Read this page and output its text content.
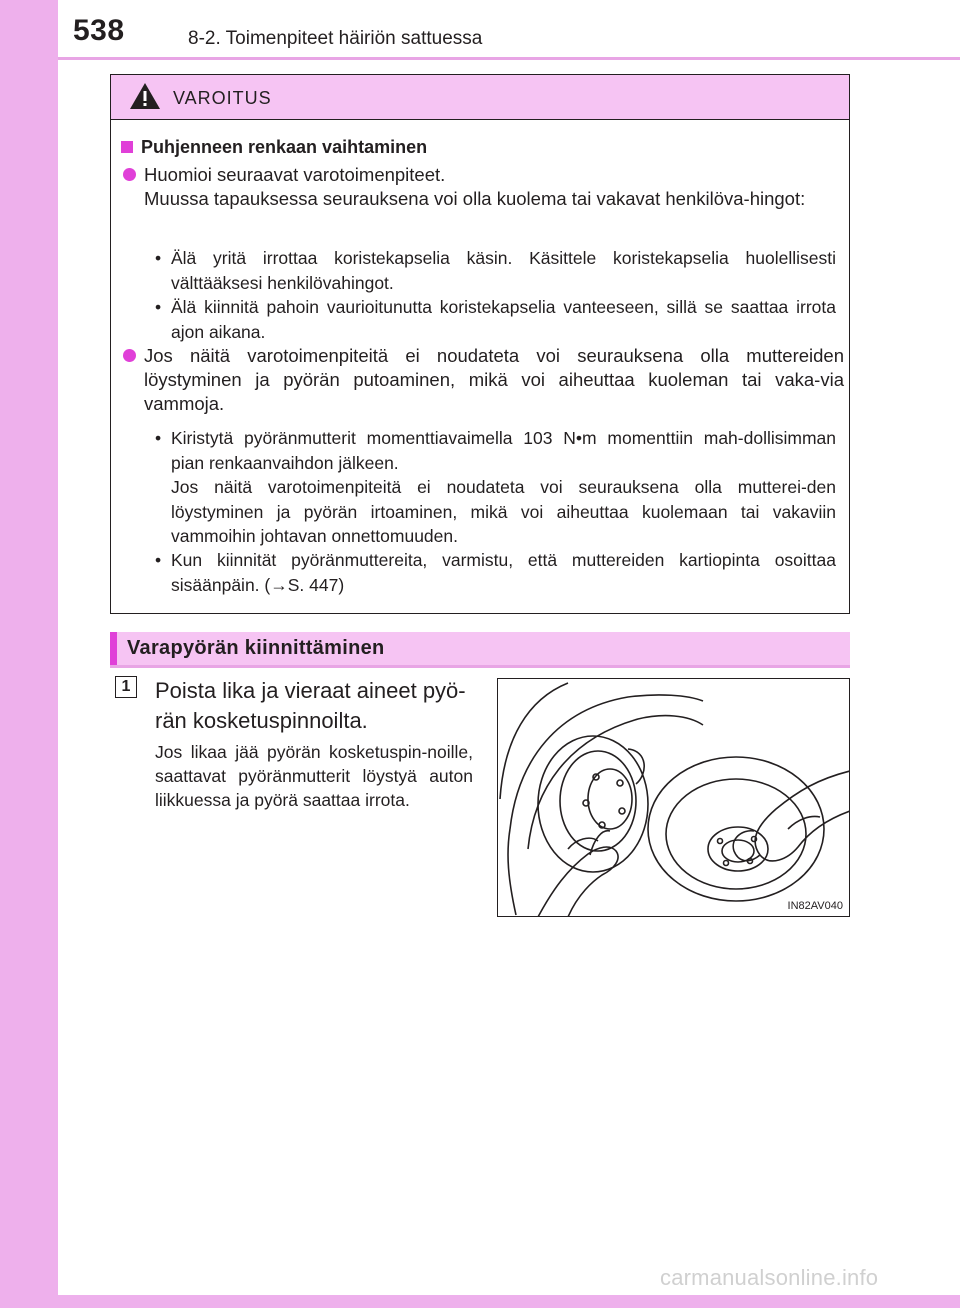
538	8-2. Toimenpiteet häiriön sattuessa
VAROITUS
Puhjenneen renkaan vaihtaminen
Huomioi seuraavat varotoimenpiteet.
Muussa tapauksessa seurauksena voi olla kuolema tai vakavat henkilöva-hingot:
• Älä yritä irrottaa koristekapselia käsin. Käsittele koristekapselia huolellisesti välttääksesi henkilövahingot.
• Älä kiinnitä pahoin vaurioitunutta koristekapselia vanteeseen, sillä se saattaa irrota ajon aikana.
Jos näitä varotoimenpiteitä ei noudateta voi seurauksena olla muttereiden löystyminen ja pyörän putoaminen, mikä voi aiheuttaa kuoleman tai vaka-via vammoja.
• Kiristytä pyöränmutterit momenttiavaimella 103 N•m momenttiin mah-dollisimman pian renkaanvaihdon jälkeen.
Jos näitä varotoimenpiteitä ei noudateta voi seurauksena olla mutterei-den löystyminen ja pyörän irtoaminen, mikä voi aiheuttaa kuolemaan tai vakaviin vammoihin johtavan onnettomuuden.
• Kun kiinnität pyöränmuttereita, varmistu, että muttereiden kartiopinta osoittaa sisäänpäin. (→S. 447)
Varapyörän kiinnittäminen
1 Poista lika ja vieraat aineet pyö-rän kosketuspinnoilta.
Jos likaa jää pyörän kosketuspin-noille, saattavat pyöränmutterit löystyä auton liikkuessa ja pyörä saattaa irrota.
IN82AV040
carmanualsonline.info
